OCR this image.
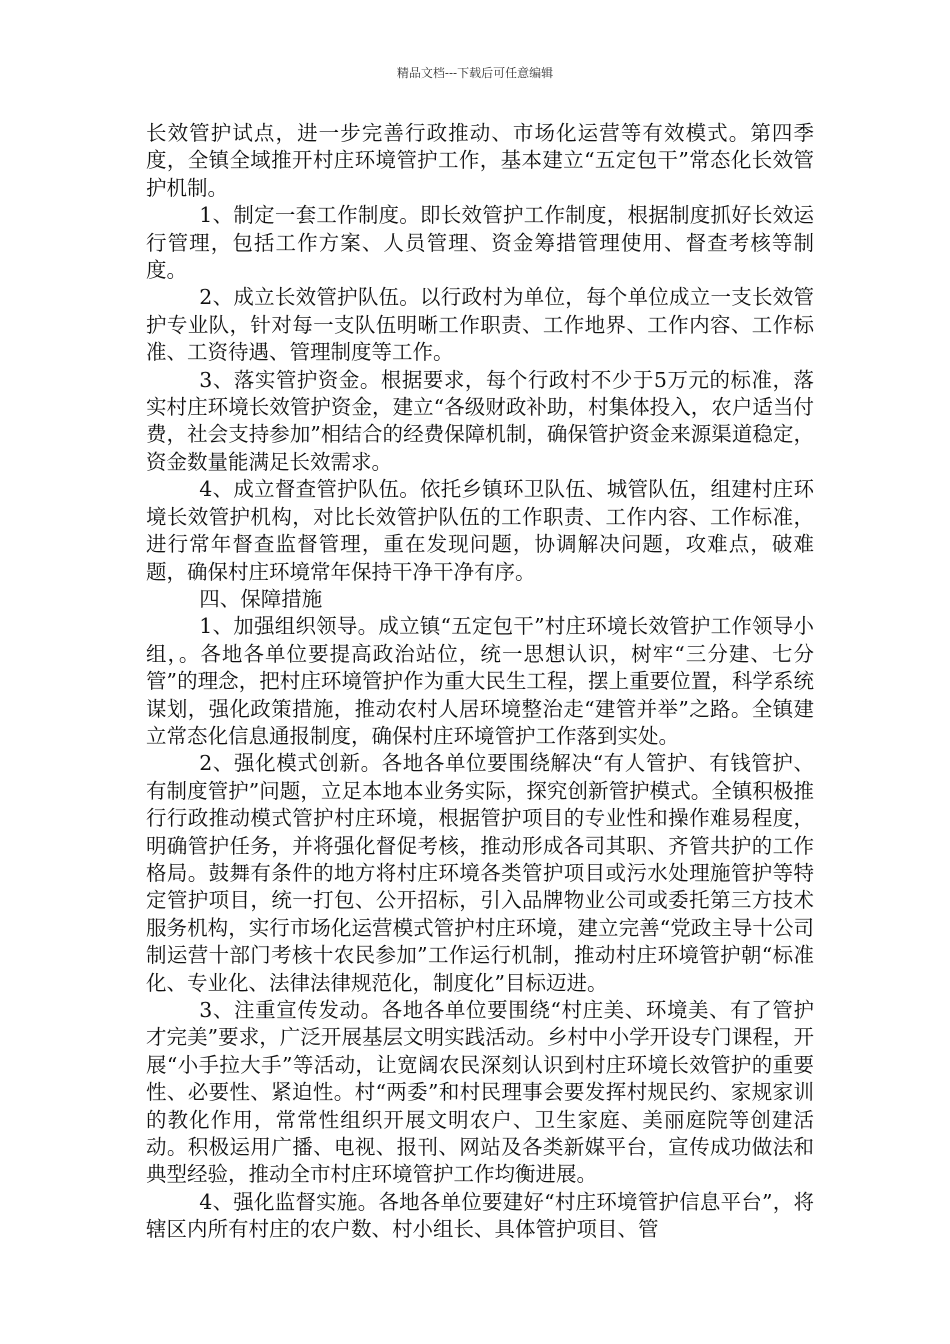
精品文档---下载后可任意编辑

长效管护试点，进一步完善行政推动、市场化运营等有效模式。第四季度，全镇全域推开村庄环境管护工作，基本建立“五定包干”常态化长效管护机制。

1、制定一套工作制度。即长效管护工作制度，根据制度抓好长效运行管理，包括工作方案、人员管理、资金筹措管理使用、督查考核等制度。

2、成立长效管护队伍。以行政村为单位，每个单位成立一支长效管护专业队，针对每一支队伍明晰工作职责、工作地界、工作内容、工作标准、工资待遇、管理制度等工作。

3、落实管护资金。根据要求，每个行政村不少于5万元的标准，落实村庄环境长效管护资金，建立“各级财政补助，村集体投入，农户适当付费，社会支持参加”相结合的经费保障机制，确保管护资金来源渠道稳定，资金数量能满足长效需求。

4、成立督查管护队伍。依托乡镇环卫队伍、城管队伍，组建村庄环境长效管护机构，对比长效管护队伍的工作职责、工作内容、工作标准，进行常年督查监督管理，重在发现问题，协调解决问题，攻难点，破难题，确保村庄环境常年保持干净干净有序。

四、保障措施

1、加强组织领导。成立镇“五定包干”村庄环境长效管护工作领导小组，。各地各单位要提高政治站位，统一思想认识，树牢“三分建、七分管”的理念，把村庄环境管护作为重大民生工程，摆上重要位置，科学系统谋划，强化政策措施，推动农村人居环境整治走“建管并举”之路。全镇建立常态化信息通报制度，确保村庄环境管护工作落到实处。

2、强化模式创新。各地各单位要围绕解决“有人管护、有钱管护、有制度管护”问题，立足本地本业务实际，探究创新管护模式。全镇积极推行行政推动模式管护村庄环境，根据管护项目的专业性和操作难易程度，明确管护任务，并将强化督促考核，推动形成各司其职、齐管共护的工作格局。鼓舞有条件的地方将村庄环境各类管护项目或污水处理施管护等特定管护项目，统一打包、公开招标，引入品牌物业公司或委托第三方技术服务机构，实行市场化运营模式管护村庄环境，建立完善“党政主导十公司制运营十部门考核十农民参加”工作运行机制，推动村庄环境管护朝“标准化、专业化、法律法律规范化，制度化”目标迈进。

3、注重宣传发动。各地各单位要围绕“村庄美、环境美、有了管护才完美”要求，广泛开展基层文明实践活动。乡村中小学开设专门课程，开展“小手拉大手”等活动，让宽阔农民深刻认识到村庄环境长效管护的重要性、必要性、紧迫性。村“两委”和村民理事会要发挥村规民约、家规家训的教化作用，常常性组织开展文明农户、卫生家庭、美丽庭院等创建活动。积极运用广播、电视、报刊、网站及各类新媒平台，宣传成功做法和典型经验，推动全市村庄环境管护工作均衡进展。

4、强化监督实施。各地各单位要建好“村庄环境管护信息平台”，将辖区内所有村庄的农户数、村小组长、具体管护项目、管
